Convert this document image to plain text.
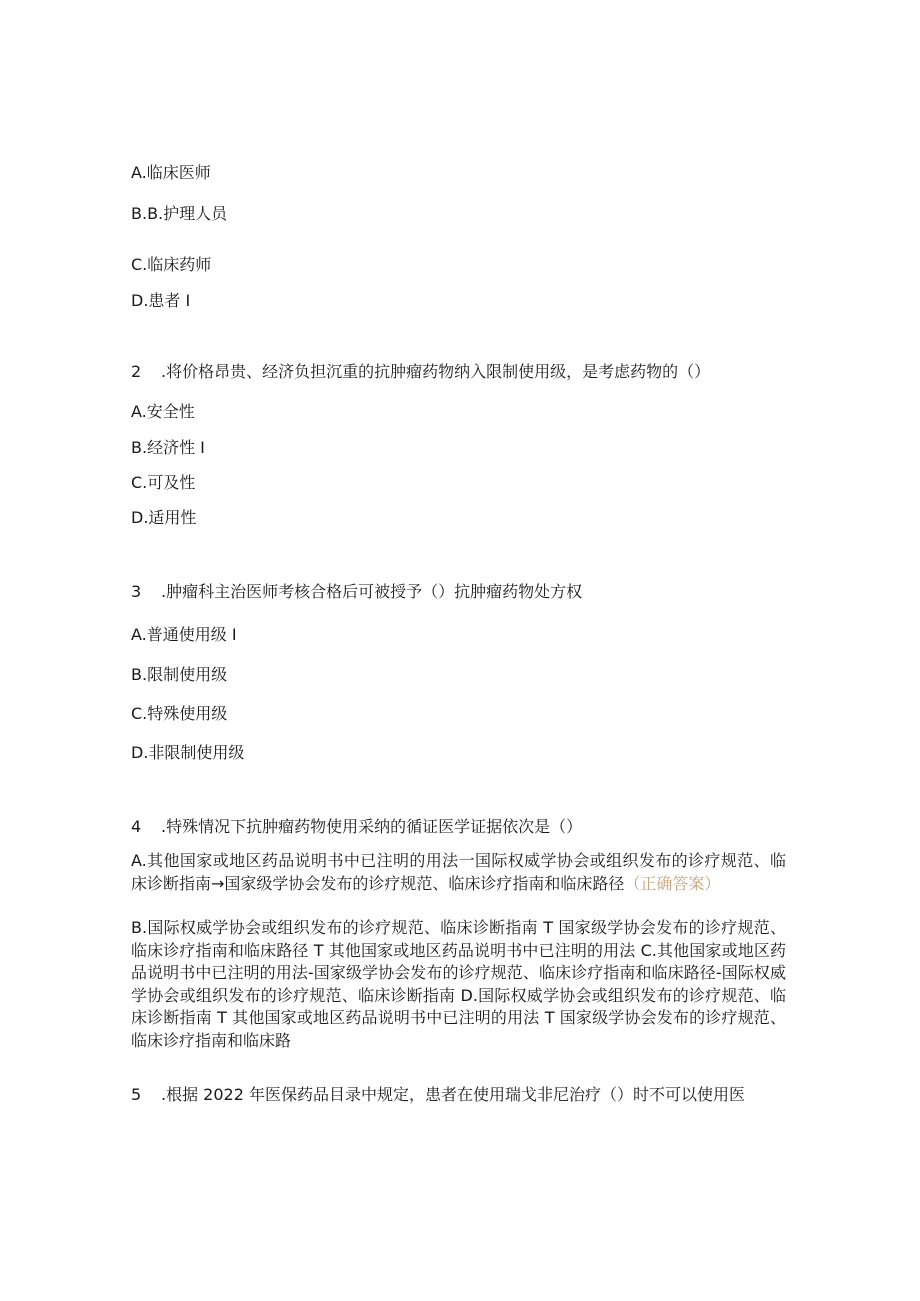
A.临床医师
B.B.护理人员
C.临床药师
D.患者 I
2 .将价格昂贵、经济负担沉重的抗肿瘤药物纳入限制使用级，是考虑药物的（）
A.安全性
B.经济性 I
C.可及性
D.适用性
3 .肿瘤科主治医师考核合格后可被授予（）抗肿瘤药物处方权
A.普通使用级 I
B.限制使用级
C.特殊使用级
D.非限制使用级
4 .特殊情况下抗肿瘤药物使用采纳的循证医学证据依次是（）
A.其他国家或地区药品说明书中已注明的用法一国际权威学协会或组织发布的诊疗规范、临床诊断指南→国家级学协会发布的诊疗规范、临床诊疗指南和临床路径（正确答案）
B.国际权威学协会或组织发布的诊疗规范、临床诊断指南 T 国家级学协会发布的诊疗规范、临床诊疗指南和临床路径 T 其他国家或地区药品说明书中已注明的用法 C.其他国家或地区药品说明书中已注明的用法-国家级学协会发布的诊疗规范、临床诊疗指南和临床路径-国际权威学协会或组织发布的诊疗规范、临床诊断指南 D.国际权威学协会或组织发布的诊疗规范、临床诊断指南 T 其他国家或地区药品说明书中已注明的用法 T 国家级学协会发布的诊疗规范、临床诊疗指南和临床路
5 .根据 2022 年医保药品目录中规定，患者在使用瑞戈非尼治疗（）时不可以使用医
